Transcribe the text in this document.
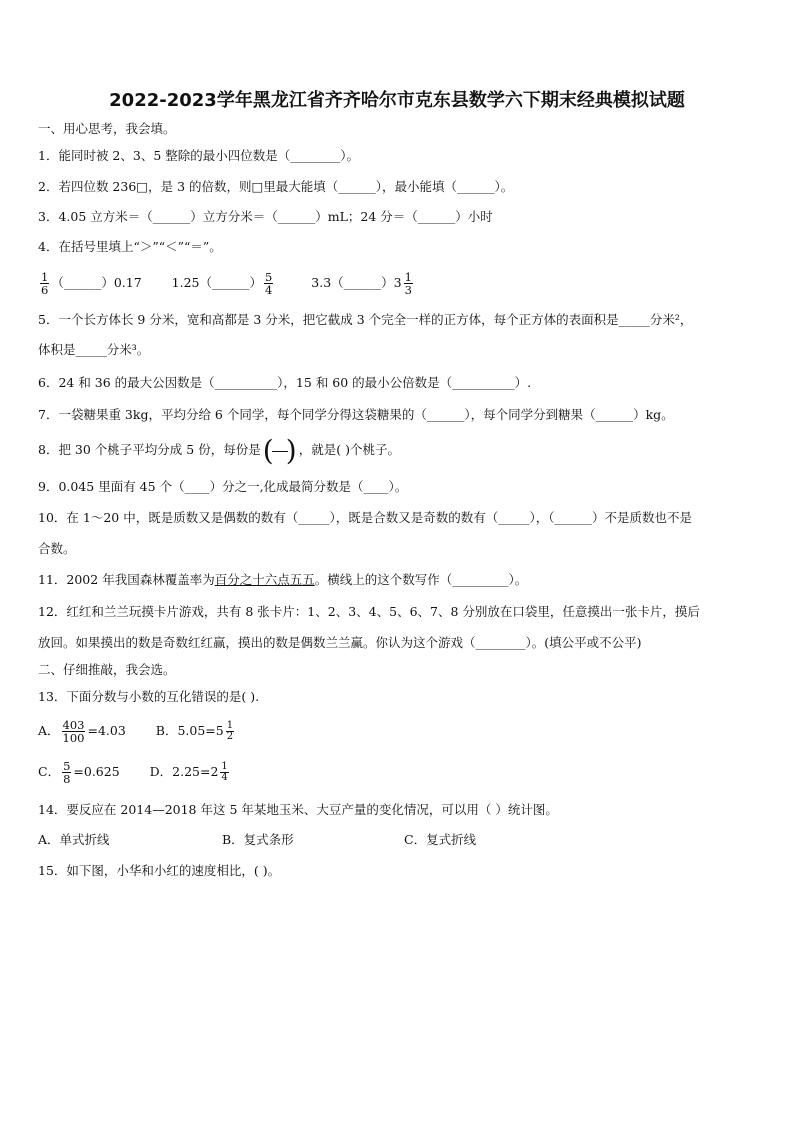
2022-2023学年黑龙江省齐齐哈尔市克东县数学六下期末经典模拟试题
一、用心思考，我会填。
1．能同时被 2、3、5 整除的最小四位数是（________）。
2．若四位数 236□，是 3 的倍数，则□里最大能填（______），最小能填（______）。
3．4.05 立方米＝（______）立方分米＝（______）mL；24 分＝（______）小时
4．在括号里填上“＞”“＜”“＝”。
$\frac{1}{6}$ （______）0.17 1.25（______） $\frac{5}{4}$	3.3（______）3 $\frac{1}{3}$
5．一个长方体长 9 分米，宽和高都是 3 分米，把它截成 3 个完全一样的正方体，每个正方体的表面积是_____分米²，
体积是_____分米³。
6．24 和 36 的最大公因数是（__________），15 和 60 的最小公倍数是（__________）.
7．一袋糖果重 3kg，平均分给 6 个同学，每个同学分得这袋糖果的（______），每个同学分到糖果（______）kg。
8．把 30 个桃子平均分成 5 份，每份是 ( ) ，就是( )个桃子。
9．0.045 里面有 45 个（____）分之一,化成最简分数是（____）。
10．在 1～20 中，既是质数又是偶数的数有（_____），既是合数又是奇数的数有（_____），（______）不是质数也不是
合数。
11．2002 年我国森林覆盖率为百分之十六点五五。横线上的这个数写作（_________）。
12．红红和兰兰玩摸卡片游戏，共有 8 张卡片：1、2、3、4、5、6、7、8 分别放在口袋里，任意摸出一张卡片，摸后
放回。如果摸出的数是奇数红红赢，摸出的数是偶数兰兰赢。你认为这个游戏（________）。(填公平或不公平)
二、仔细推敲，我会选。
13．下面分数与小数的互化错误的是( ).
A． $\frac{403}{100} =4.03$ B．$5.05=5 \frac{1}{2}$
C． $\frac{5}{8} =0.625$ D．$2.25=2 \frac{1}{4}$
14．要反应在 2014—2018 年这 5 年某地玉米、大豆产量的变化情况，可以用（ ）统计图。
A．单式折线	B．复式条形	C．复式折线
15．如下图，小华和小红的速度相比，( )。
